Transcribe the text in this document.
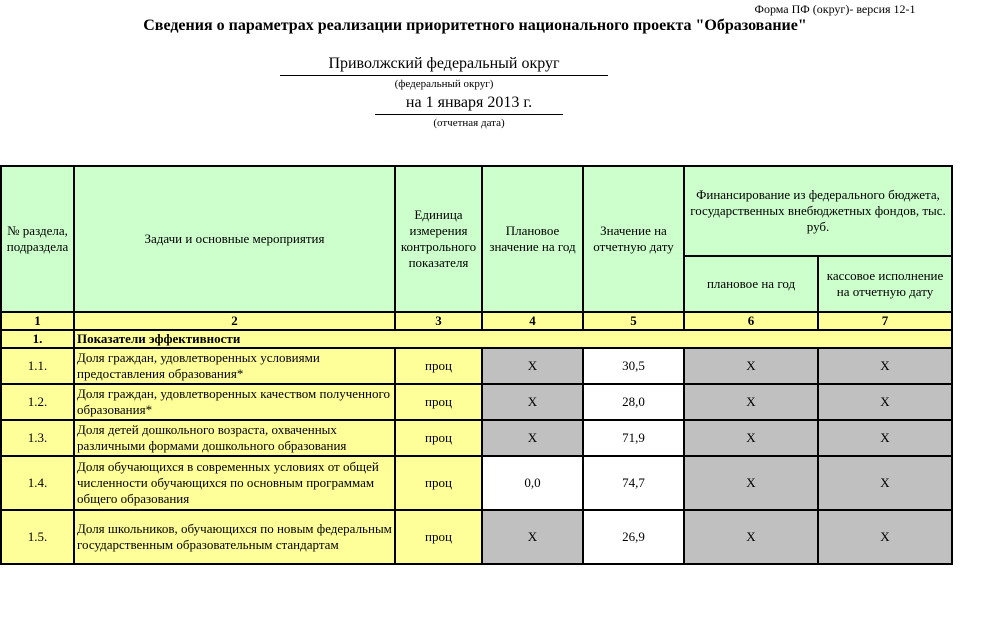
Форма ПФ (округ)- версия 12-1
Сведения о параметрах реализации приоритетного национального проекта "Образование"
Приволжский федеральный округ
(федеральный округ)
на 1 января 2013 г.
(отчетная дата)
№ раздела, подраздела	Задачи и основные мероприятия	Единица измерения контрольного показателя	Плановое значение на год	Значение на отчетную дату	Финансирование из федерального бюджета, государственных внебюджетных фондов, тыс. руб.	
					плановое на год	кассовое исполнение на отчетную дату
1	2	3	4	5	6	7
1.	Показатели эффективности					
1.1.	Доля граждан, удовлетворенных условиями предоставления образования*	проц	X	30,5	X	X
1.2.	Доля граждан, удовлетворенных качеством полученного образования*	проц	X	28,0	X	X
1.3.	Доля детей дошкольного возраста, охваченных различными формами дошкольного образования	проц	X	71,9	X	X
1.4.	Доля обучающихся в современных условиях от общей численности обучающихся по основным программам общего образования	проц	0,0	74,7	X	X
1.5.	Доля школьников, обучающихся по новым федеральным государственным образовательным стандартам	проц	X	26,9	X	X
